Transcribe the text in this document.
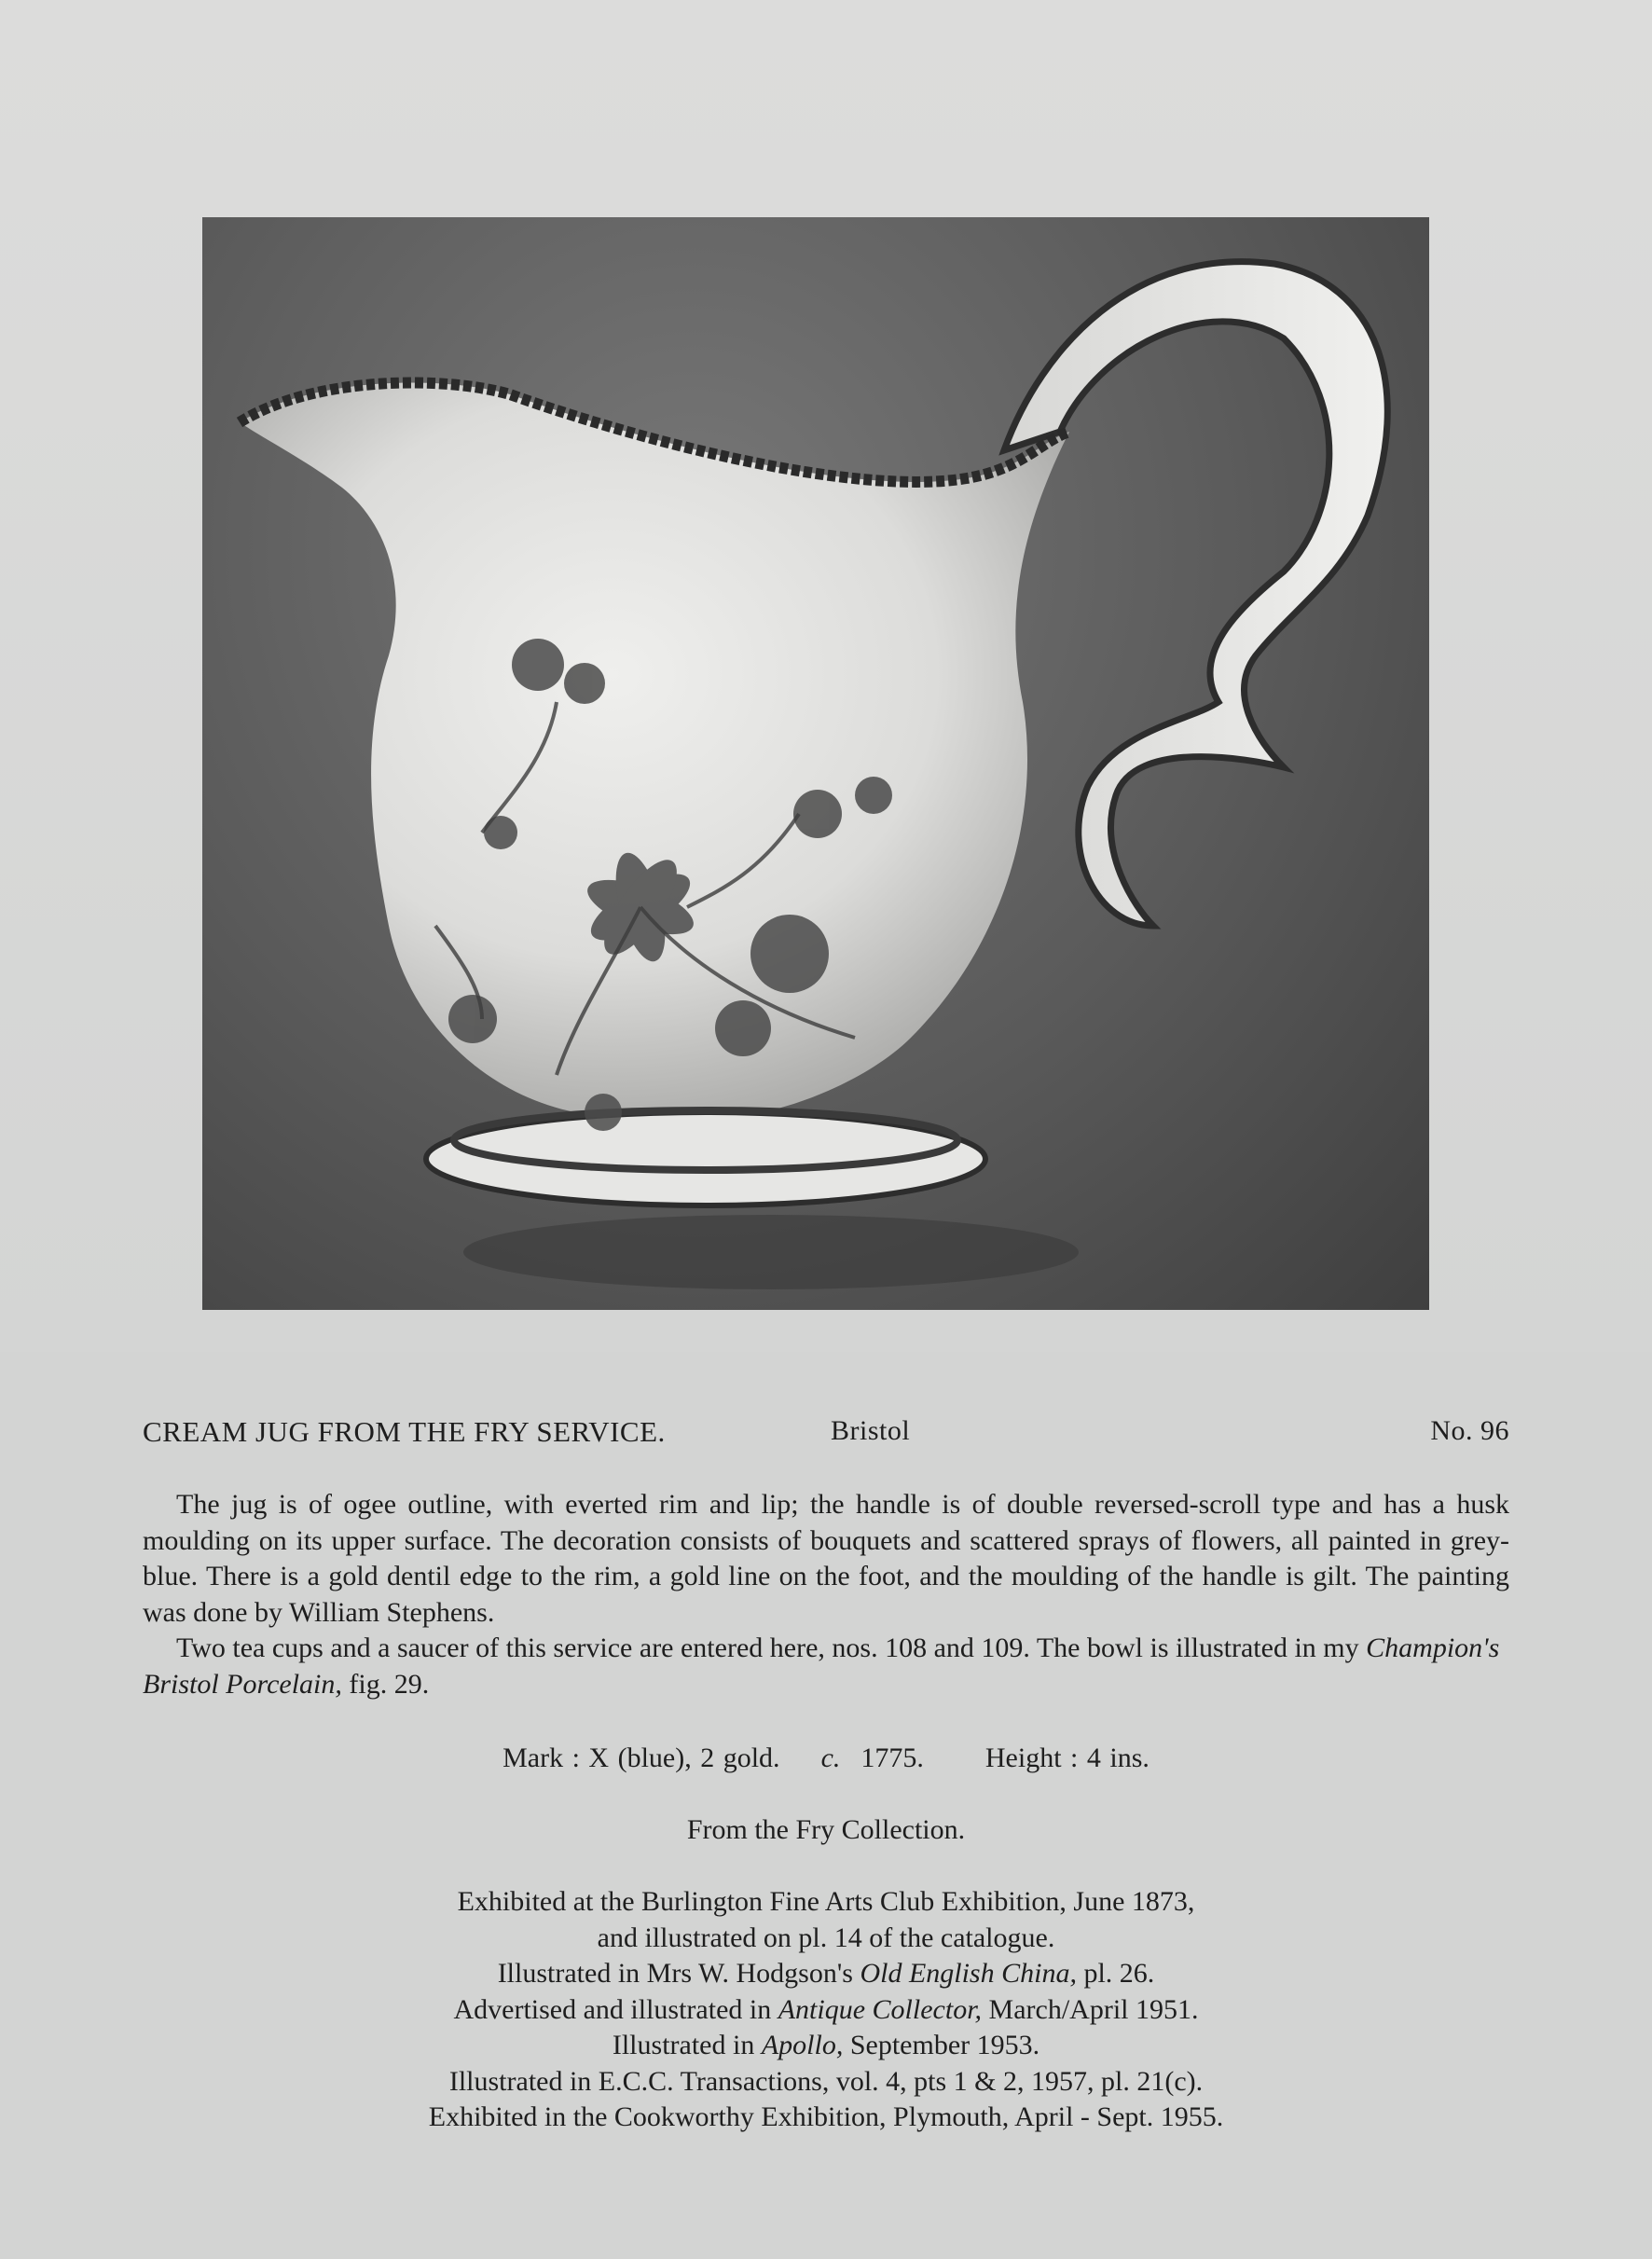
CREAM JUG FROM THE FRY SERVICE.	Bristol	No. 96

The jug is of ogee outline, with everted rim and lip; the handle is of double reversed-scroll type and has a husk moulding on its upper surface. The decoration consists of bouquets and scattered sprays of flowers, all painted in grey-blue. There is a gold dentil edge to the rim, a gold line on the foot, and the moulding of the handle is gilt. The painting was done by William Stephens.

Two tea cups and a saucer of this service are entered here, nos. 108 and 109. The bowl is illustrated in my Champion's Bristol Porcelain, fig. 29.

Mark : X (blue), 2 gold. c.1775. Height : 4 ins.
From the Fry Collection.
Exhibited at the Burlington Fine Arts Club Exhibition, June 1873,
and illustrated on pl. 14 of the catalogue.
Illustrated in Mrs W. Hodgson's Old English China, pl. 26.
Advertised and illustrated in Antique Collector, March/April 1951.
Illustrated in Apollo, September 1953.
Illustrated in E.C.C. Transactions, vol. 4, pts 1 & 2, 1957, pl. 21(c).
Exhibited in the Cookworthy Exhibition, Plymouth, April - Sept. 1955.
